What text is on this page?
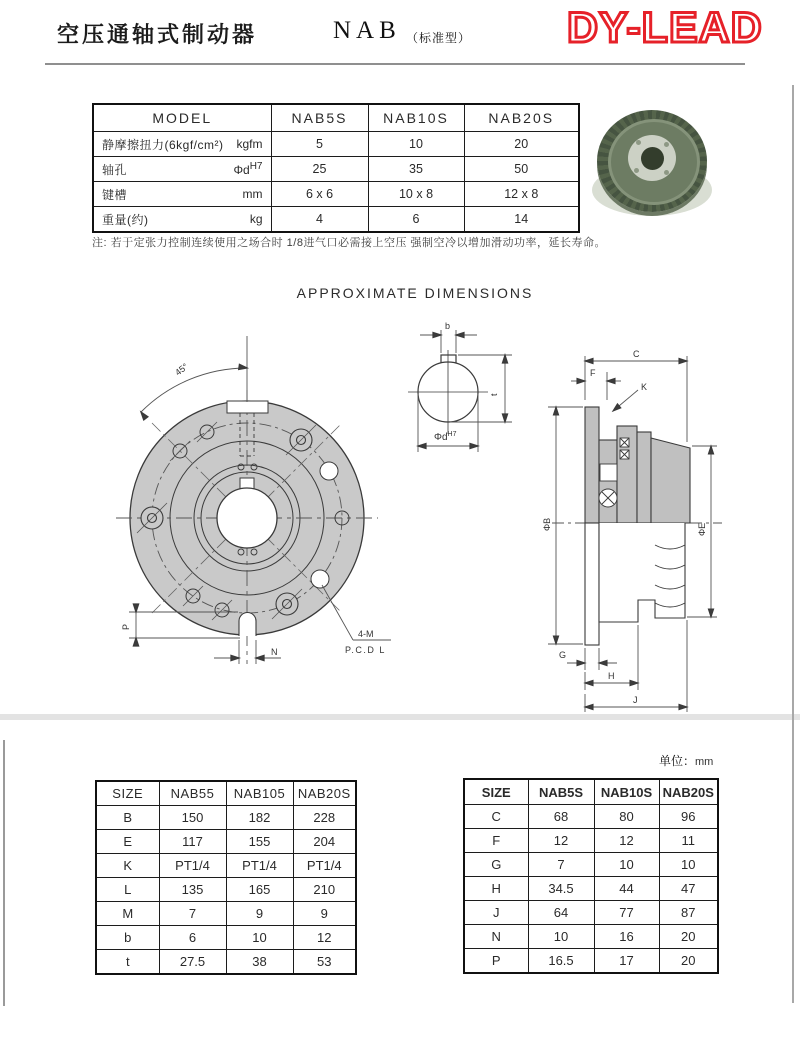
空压通轴式制动器	NAB （标准型） DY-LEAD
MODEL	NAB5S	NAB10S	NAB20S

静摩擦扭力(6kgf/cm²) kgfm	5	10	20

轴孔 $\Phi d^{H7}$	25	35	50

键槽 mm	6 x 6	10 x 8	12 x 8

重量(约) kg	4	6	14
注: 若于定张力控制连续使用之场合时 1/8进气口必需接上空压 强制空冷以增加滑动功率，延长寿命。
APPROXIMATE DIMENSIONS
45°
P
N
4-M
P.C.D L
b
t
$\Phi d^{H7}$
C
F
K
ΦB	ΦE
G
H
J
单位：mm
SIZE	NAB55	NAB105	NAB20S
B	150	182	228
E	117	155	204
K	PT1/4	PT1/4	PT1/4
L	135	165	210
M	7	9	9
b	6	10	12
t	27.5	38	53
SIZE	NAB5S	NAB10S	NAB20S
C	68	80	96
F	12	12	11
G	7	10	10
H	34.5	44	47
J	64	77	87
N	10	16	20
P	16.5	17	20
